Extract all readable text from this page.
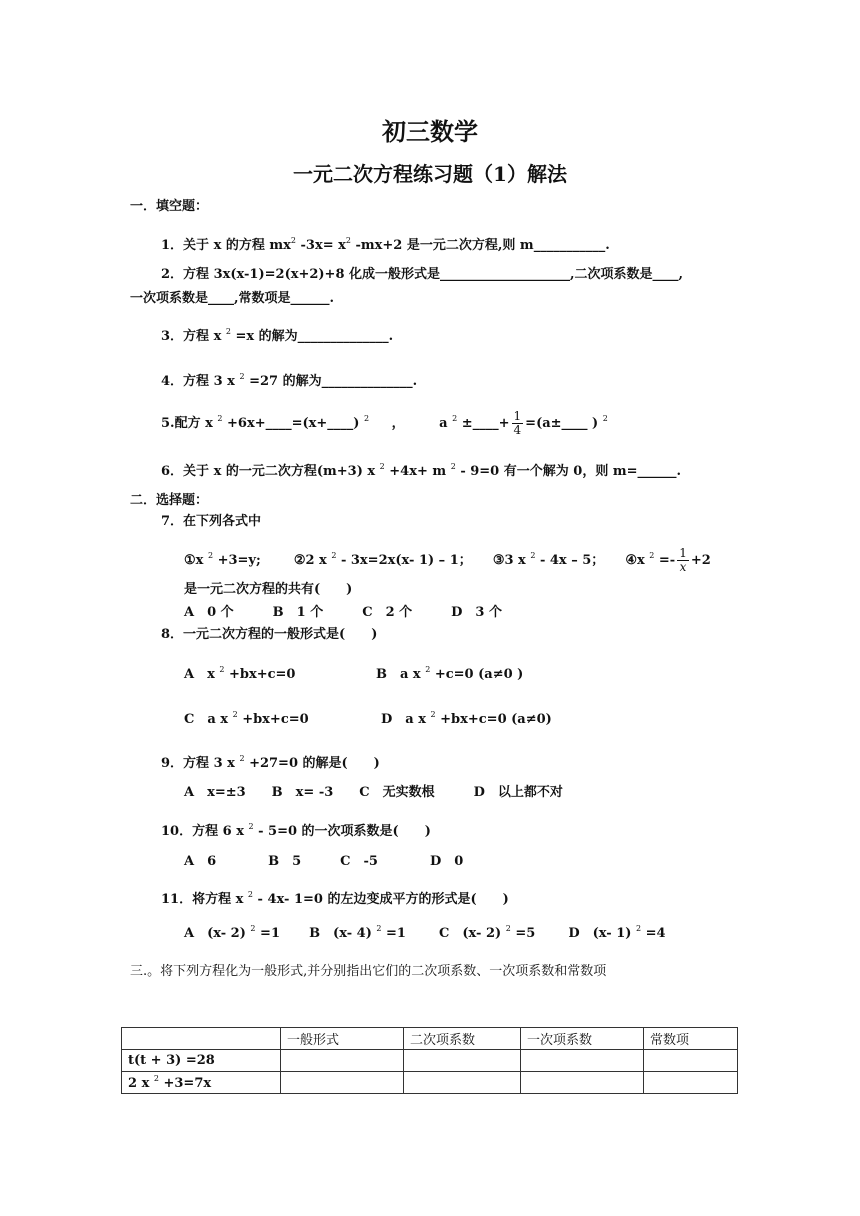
初三数学
一元二次方程练习题（1）解法
一．填空题：
1．关于 x 的方程 $mx^2$ $-3x= x^2$ -mx+2 是一元二次方程,则 m___________.
2．方程 3x(x-1)=2(x+2)+8 化成一般形式是____________________,二次项系数是____,
一次项系数是____,常数项是______.
3．方程 x $^2$ =x 的解为______________.
4．方程 3 x $^2$ =27 的解为______________.
5.配方 x $^2$ +6x+____=(x+____) $^2$ ，	a $^2$ ±____+ $\frac{1}{4}$ =(a±____ ) $^2$
6．关于 x 的一元二次方程(m+3) x $^2$ +4x+ m $^2$ - 9=0 有一个解为 0，则 m=______.
二．选择题：
7．在下列各式中
①x $^2$ +3=y;	②2 x $^2$ - 3x=2x(x- 1) – 1； ③3 x $^2$ - 4x – 5； ④x $^2 =- \frac{1}{x} +2$
是一元二次方程的共有(　　)
A　0 个　　　B　1 个　　　C　2 个　　　D　3 个
8．一元二次方程的一般形式是(　　)
A　x $^2$ +bx+c=0	B　a x $^2$ +c=0 (a≠0 )
C　a x $^2$ +bx+c=0	D　a x $^2$ +bx+c=0 (a≠0)
9．方程 3 x $^2$ +27=0 的解是(　　)
A　x=±3　　B　x= -3　　C　无实数根　　　D　以上都不对
10．方程 6 x $^2$ - 5=0 的一次项系数是(　　)
A　6　　　　B　5　　　C　-5　　　　D　0
11．将方程 x $^2$ - 4x- 1=0 的左边变成平方的形式是(　　)
A　(x- 2) $^2$ =1 B　(x- 4) $^2$ =1	C　(x- 2) $^2$ =5	D　(x- 1) $^2$ =4
三.。将下列方程化为一般形式,并分别指出它们的二次项系数、一次项系数和常数项
	一般形式	二次项系数	一次项系数	常数项
t(t + 3) =28				
2 x $^2$ +3=7x				
